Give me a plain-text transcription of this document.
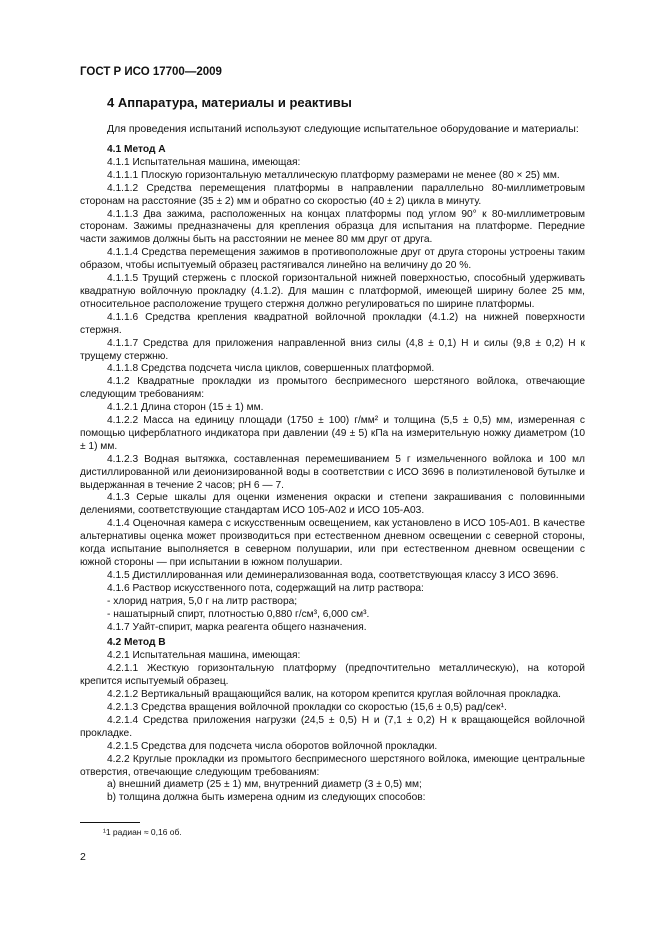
ГОСТ Р ИСО 17700—2009
4 Аппаратура, материалы и реактивы
Для проведения испытаний используют следующие испытательное оборудование и материалы:

4.1 Метод А

4.1.1 Испытательная машина, имеющая:

4.1.1.1 Плоскую горизонтальную металлическую платформу размерами не менее (80 × 25) мм.

4.1.1.2 Средства перемещения платформы в направлении параллельно 80-миллиметровым сторонам на расстояние (35 ± 2) мм и обратно со скоростью (40 ± 2) цикла в минуту.

4.1.1.3 Два зажима, расположенных на концах платформы под углом 90° к 80-миллиметровым сторонам. Зажимы предназначены для крепления образца для испытания на платформе. Передние части зажимов должны быть на расстоянии не менее 80 мм друг от друга.

4.1.1.4 Средства перемещения зажимов в противоположные друг от друга стороны устроены таким образом, чтобы испытуемый образец растягивался линейно на величину до 20 %.

4.1.1.5 Трущий стержень с плоской горизонтальной нижней поверхностью, способный удерживать квадратную войлочную прокладку (4.1.2). Для машин с платформой, имеющей ширину более 25 мм, относительное расположение трущего стержня должно регулироваться по ширине платформы.

4.1.1.6 Средства крепления квадратной войлочной прокладки (4.1.2) на нижней поверхности стержня.

4.1.1.7 Средства для приложения направленной вниз силы (4,8 ± 0,1) Н и силы (9,8 ± 0,2) Н к трущему стержню.

4.1.1.8 Средства подсчета числа циклов, совершенных платформой.

4.1.2 Квадратные прокладки из промытого беспримесного шерстяного войлока, отвечающие следующим требованиям:

4.1.2.1 Длина сторон (15 ± 1) мм.

4.1.2.2 Масса на единицу площади (1750 ± 100) г/мм² и толщина (5,5 ± 0,5) мм, измеренная с помощью циферблатного индикатора при давлении (49 ± 5) кПа на измерительную ножку диаметром (10 ± 1) мм.

4.1.2.3 Водная вытяжка, составленная перемешиванием 5 г измельченного войлока и 100 мл дистиллированной или деионизированной воды в соответствии с ИСО 3696 в полиэтиленовой бутылке и выдержанная в течение 2 часов; pH 6 — 7.

4.1.3 Серые шкалы для оценки изменения окраски и степени закрашивания с половинными делениями, соответствующие стандартам ИСО 105-А02 и ИСО 105-А03.

4.1.4 Оценочная камера с искусственным освещением, как установлено в ИСО 105-А01. В качестве альтернативы оценка может производиться при естественном дневном освещении с северной стороны, когда испытание выполняется в северном полушарии, или при естественном дневном освещении с южной стороны — при испытании в южном полушарии.

4.1.5 Дистиллированная или деминерализованная вода, соответствующая классу 3 ИСО 3696.

4.1.6 Раствор искусственного пота, содержащий на литр раствора:

- хлорид натрия, 5,0 г на литр раствора;

- нашатырный спирт, плотностью 0,880 г/см³, 6,000 см³.

4.1.7 Уайт-спирит, марка реагента общего назначения.

4.2 Метод В

4.2.1 Испытательная машина, имеющая:

4.2.1.1 Жесткую горизонтальную платформу (предпочтительно металлическую), на которой крепится испытуемый образец.

4.2.1.2 Вертикальный вращающийся валик, на котором крепится круглая войлочная прокладка.

4.2.1.3 Средства вращения войлочной прокладки со скоростью (15,6 ± 0,5) рад/сек¹.

4.2.1.4 Средства приложения нагрузки (24,5 ± 0,5) Н и (7,1 ± 0,2) Н к вращающейся войлочной прокладке.

4.2.1.5 Средства для подсчета числа оборотов войлочной прокладки.

4.2.2 Круглые прокладки из промытого беспримесного шерстяного войлока, имеющие центральные отверстия, отвечающие следующим требованиям:

a) внешний диаметр (25 ± 1) мм, внутренний диаметр (3 ± 0,5) мм;

b) толщина должна быть измерена одним из следующих способов:

¹1 радиан ≈ 0,16 об.
2
